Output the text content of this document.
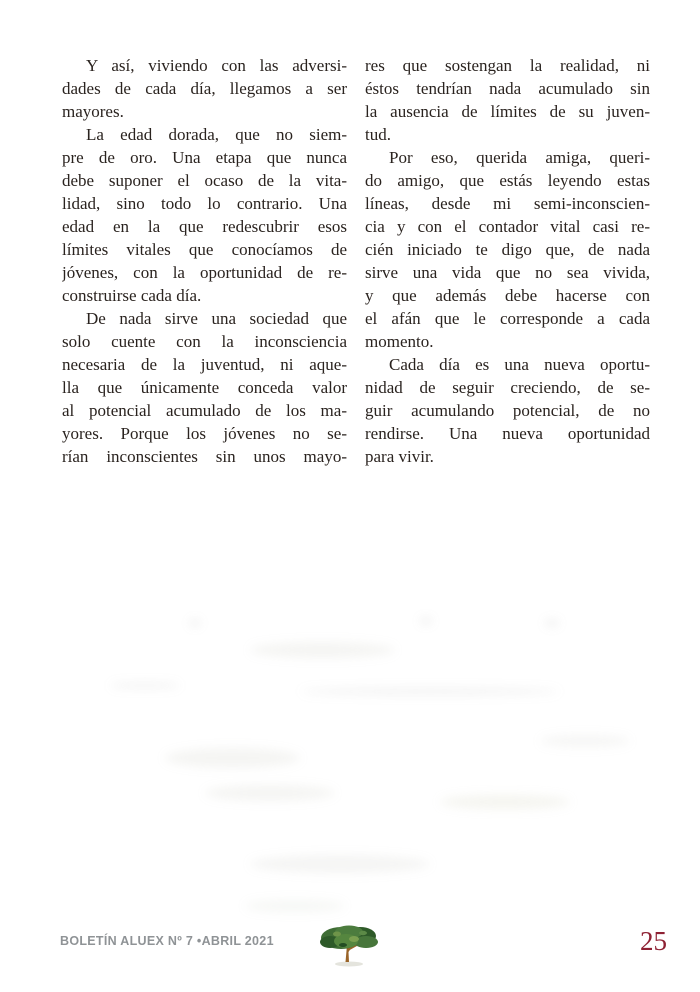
Y así, viviendo con las adversi-
dades de cada día, llegamos a ser
mayores.
La edad dorada, que no siem-
pre de oro. Una etapa que nunca
debe suponer el ocaso de la vita-
lidad, sino todo lo contrario. Una
edad en la que redescubrir esos
límites vitales que conocíamos de
jóvenes, con la oportunidad de re-
construirse cada día.
De nada sirve una sociedad que
solo cuente con la inconsciencia
necesaria de la juventud, ni aque-
lla que únicamente conceda valor
al potencial acumulado de los ma-
yores. Porque los jóvenes no se-
rían inconscientes sin unos mayo-
res que sostengan la realidad, ni
éstos tendrían nada acumulado sin
la ausencia de límites de su juven-
tud.
Por eso, querida amiga, queri-
do amigo, que estás leyendo estas
líneas, desde mi semi-inconscien-
cia y con el contador vital casi re-
cién iniciado te digo que, de nada
sirve una vida que no sea vivida,
y que además debe hacerse con
el afán que le corresponde a cada
momento.
Cada día es una nueva oportu-
nidad de seguir creciendo, de se-
guir acumulando potencial, de no
rendirse. Una nueva oportunidad
para vivir.
BOLETÍN ALUEX Nº 7 •ABRIL 2021	25
